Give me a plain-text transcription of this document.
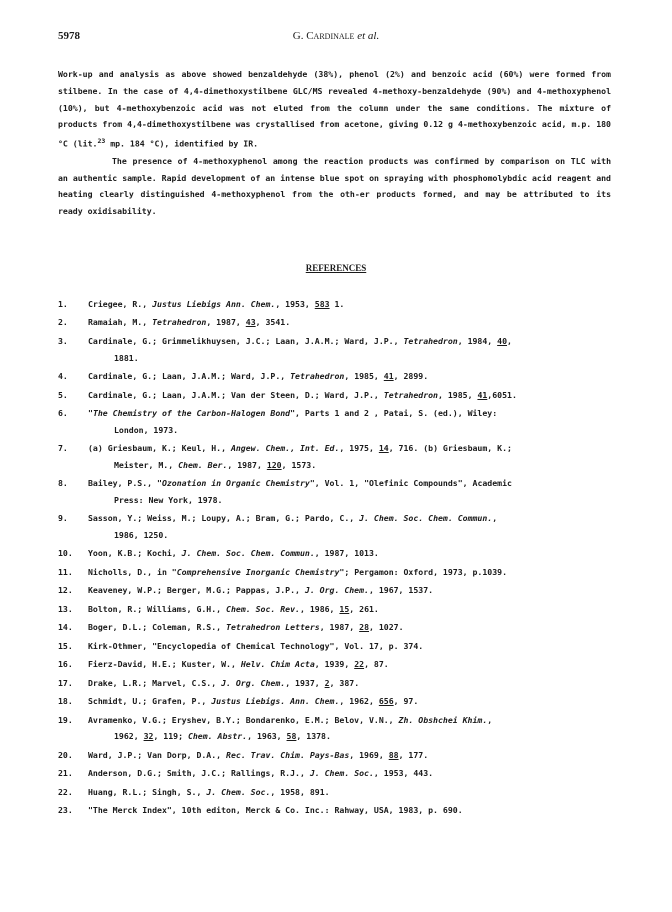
5978	G. Cardinale et al.

Work-up and analysis as above showed benzaldehyde (38%), phenol (2%) and benzoic acid (60%) were formed from stilbene. In the case of 4,4-dimethoxystilbene GLC/MS revealed 4-methoxy-benzaldehyde (90%) and 4-methoxyphenol (10%), but 4-methoxybenzoic acid was not eluted from the column under the same conditions. The mixture of products from 4,4-dimethoxystilbene was crystallised from acetone, giving 0.12 g 4-methoxybenzoic acid, m.p. 180 °C (lit.$^{23}$ mp. 184 °C), identified by IR.

The presence of 4-methoxyphenol among the reaction products was confirmed by comparison on TLC with an authentic sample. Rapid development of an intense blue spot on spraying with phosphomolybdic acid reagent and heating clearly distinguished 4-methoxyphenol from the oth-er products formed, and may be attributed to its ready oxidisability.

REFERENCES
1.	Criegee, R., Justus Liebigs Ann. Chem., 1953, 583 1.
2.	Ramaiah, M., Tetrahedron, 1987, 43, 3541.
3.	Cardinale, G.; Grimmelikhuysen, J.C.; Laan, J.A.M.; Ward, J.P., Tetrahedron, 1984, 40,
1881.
4.	Cardinale, G.; Laan, J.A.M.; Ward, J.P., Tetrahedron, 1985, 41, 2899.
5.	Cardinale, G.; Laan, J.A.M.; Van der Steen, D.; Ward, J.P., Tetrahedron, 1985, 41,6051.
6.	"The Chemistry of the Carbon-Halogen Bond", Parts 1 and 2 , Patai, S. (ed.), Wiley:
London, 1973.
7.	(a) Griesbaum, K.; Keul, H., Angew. Chem., Int. Ed., 1975, 14, 716. (b) Griesbaum, K.;
Meister, M., Chem. Ber., 1987, 120, 1573.
8.	Bailey, P.S., "Ozonation in Organic Chemistry", Vol. 1, "Olefinic Compounds", Academic
Press: New York, 1978.
9.	Sasson, Y.; Weiss, M.; Loupy, A.; Bram, G.; Pardo, C., J. Chem. Soc. Chem. Commun.,
1986, 1250.
10.	Yoon, K.B.; Kochi, J. Chem. Soc. Chem. Commun., 1987, 1013.
11.	Nicholls, D., in "Comprehensive Inorganic Chemistry"; Pergamon: Oxford, 1973, p.1039.
12.	Keaveney, W.P.; Berger, M.G.; Pappas, J.P., J. Org. Chem., 1967, 1537.
13.	Bolton, R.; Williams, G.H., Chem. Soc. Rev., 1986, 15, 261.
14.	Boger, D.L.; Coleman, R.S., Tetrahedron Letters, 1987, 28, 1027.
15.	Kirk-Othmer, "Encyclopedia of Chemical Technology", Vol. 17, p. 374.
16.	Fierz-David, H.E.; Kuster, W., Helv. Chim Acta, 1939, 22, 87.
17.	Drake, L.R.; Marvel, C.S., J. Org. Chem., 1937, 2, 387.
18.	Schmidt, U.; Grafen, P., Justus Liebigs. Ann. Chem., 1962, 656, 97.
19.	Avramenko, V.G.; Eryshev, B.Y.; Bondarenko, E.M.; Belov, V.N., Zh. Obshchei Khim.,
1962, 32, 119; Chem. Abstr., 1963, 58, 1378.
20.	Ward, J.P.; Van Dorp, D.A., Rec. Trav. Chim. Pays-Bas, 1969, 88, 177.
21.	Anderson, D.G.; Smith, J.C.; Rallings, R.J., J. Chem. Soc., 1953, 443.
22.	Huang, R.L.; Singh, S., J. Chem. Soc., 1958, 891.
23.	"The Merck Index", 10th editon, Merck & Co. Inc.: Rahway, USA, 1983, p. 690.
